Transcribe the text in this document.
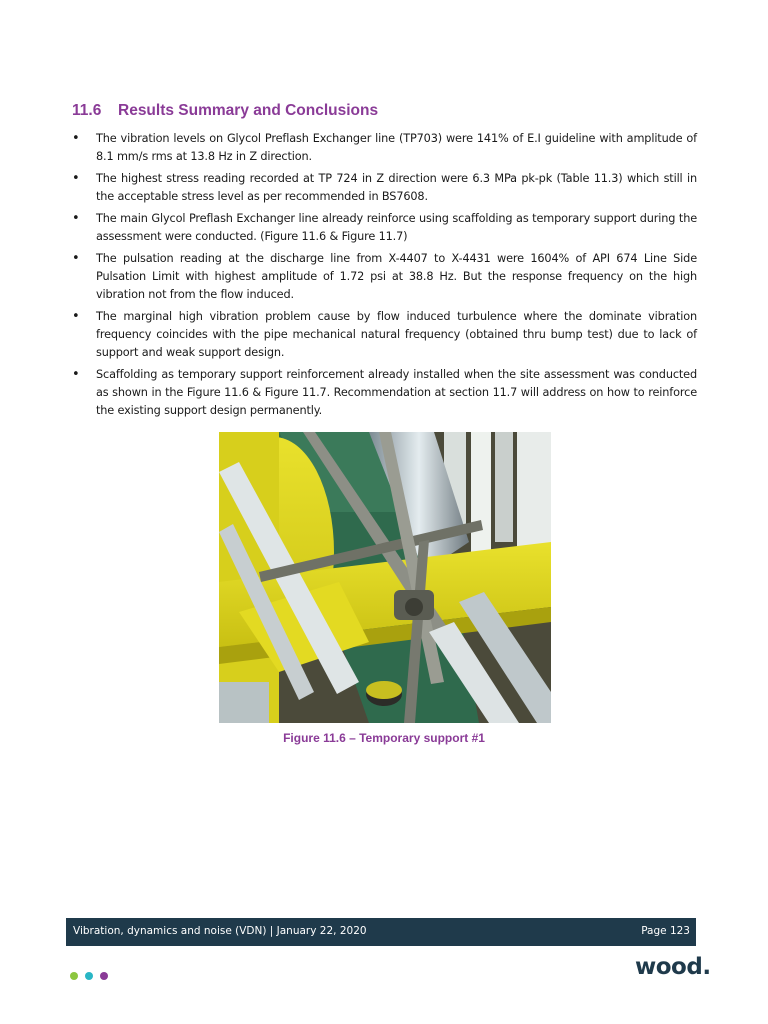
11.6 Results Summary and Conclusions
• The vibration levels on Glycol Preflash Exchanger line (TP703) were 141% of E.I guideline with amplitude of 8.1 mm/s rms at 13.8 Hz in Z direction.
• The highest stress reading recorded at TP 724 in Z direction were 6.3 MPa pk-pk (Table 11.3) which still in the acceptable stress level as per recommended in BS7608.
• The main Glycol Preflash Exchanger line already reinforce using scaffolding as temporary support during the assessment were conducted. (Figure 11.6 & Figure 11.7)
• The pulsation reading at the discharge line from X-4407 to X-4431 were 1604% of API 674 Line Side Pulsation Limit with highest amplitude of 1.72 psi at 38.8 Hz. But the response frequency on the high vibration not from the flow induced.
• The marginal high vibration problem cause by flow induced turbulence where the dominate vibration frequency coincides with the pipe mechanical natural frequency (obtained thru bump test) due to lack of support and weak support design.
• Scaffolding as temporary support reinforcement already installed when the site assessment was conducted as shown in the Figure 11.6 & Figure 11.7. Recommendation at section 11.7 will address on how to reinforce the existing support design permanently.
Figure 11.6 – Temporary support #1
Vibration, dynamics and noise (VDN) | January 22, 2020	Page 123
wood.
